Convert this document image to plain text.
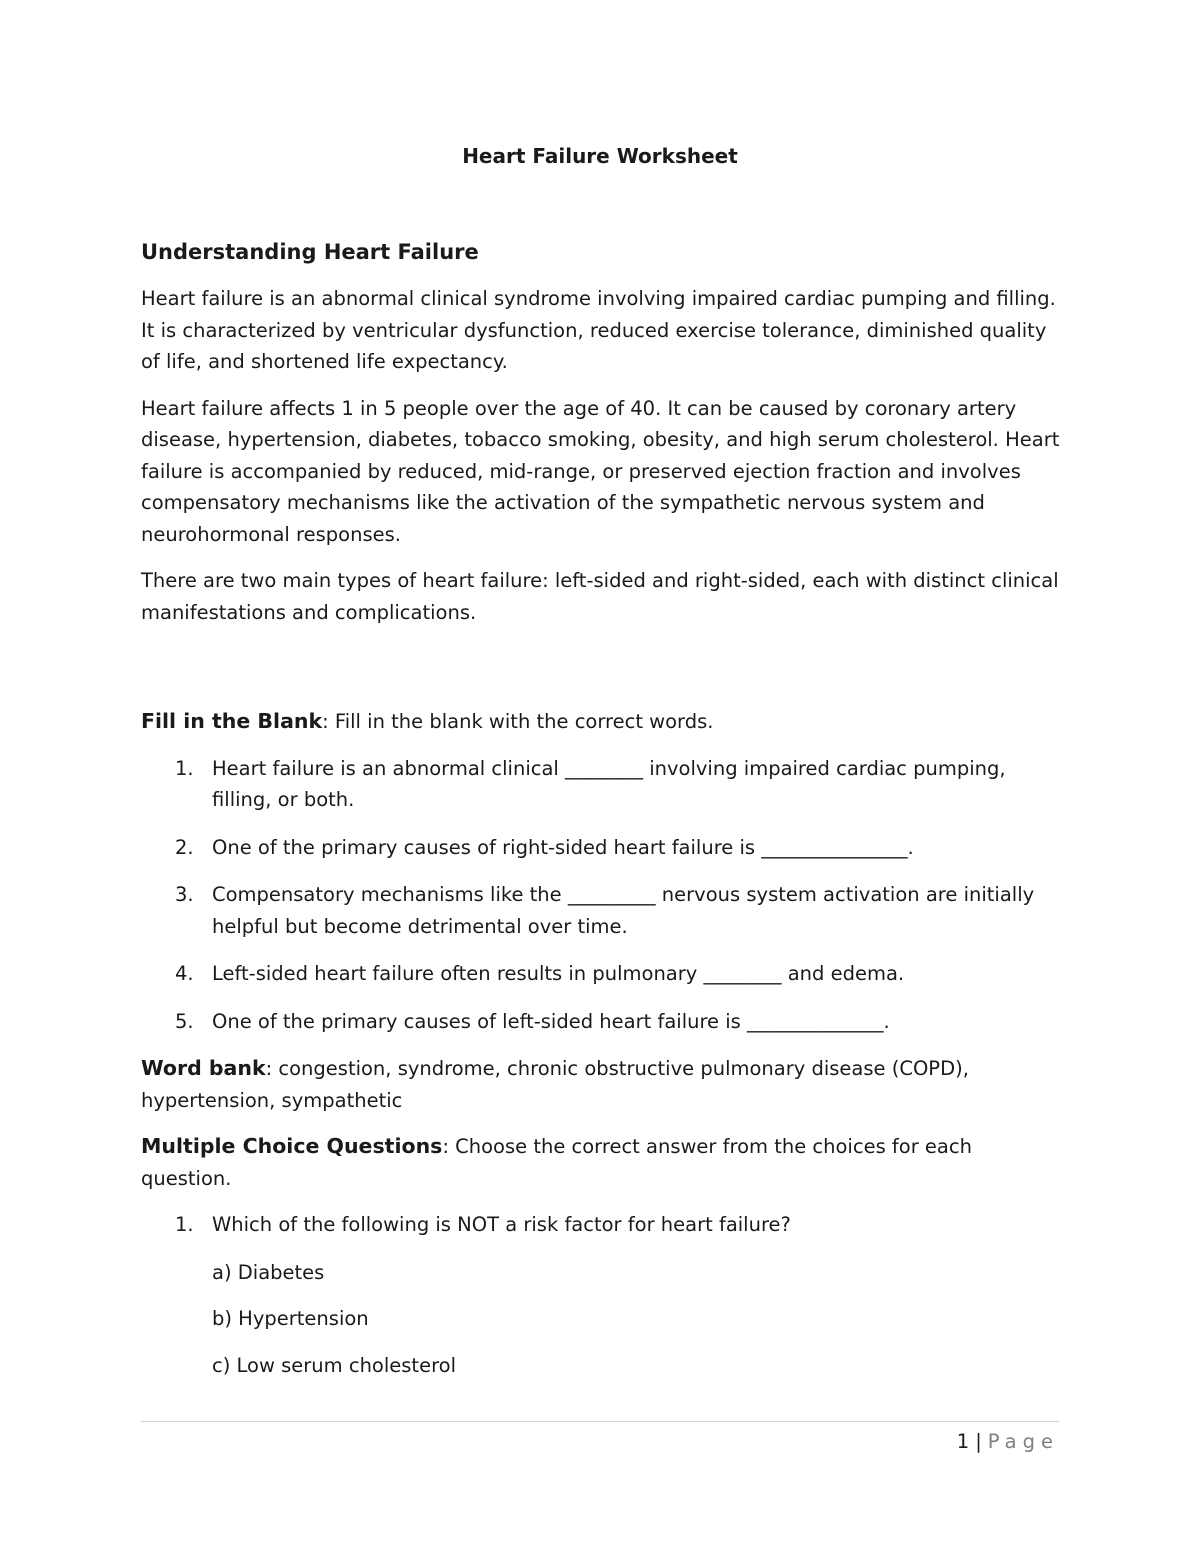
Heart Failure Worksheet
Understanding Heart Failure

Heart failure is an abnormal clinical syndrome involving impaired cardiac pumping and filling. It is characterized by ventricular dysfunction, reduced exercise tolerance, diminished quality of life, and shortened life expectancy.

Heart failure affects 1 in 5 people over the age of 40. It can be caused by coronary artery disease, hypertension, diabetes, tobacco smoking, obesity, and high serum cholesterol. Heart failure is accompanied by reduced, mid-range, or preserved ejection fraction and involves compensatory mechanisms like the activation of the sympathetic nervous system and neurohormonal responses.

There are two main types of heart failure: left-sided and right-sided, each with distinct clinical manifestations and complications.

Fill in the Blank: Fill in the blank with the correct words.

1. Heart failure is an abnormal clinical ________ involving impaired cardiac pumping, filling, or both.
2. One of the primary causes of right-sided heart failure is _______________.
3. Compensatory mechanisms like the _________ nervous system activation are initially helpful but become detrimental over time.
4. Left-sided heart failure often results in pulmonary ________ and edema.
5. One of the primary causes of left-sided heart failure is ______________.

Word bank: congestion, syndrome, chronic obstructive pulmonary disease (COPD), hypertension, sympathetic

Multiple Choice Questions: Choose the correct answer from the choices for each question.

1. Which of the following is NOT a risk factor for heart failure?
a) Diabetes
b) Hypertension
c) Low serum cholesterol
1 | Page
